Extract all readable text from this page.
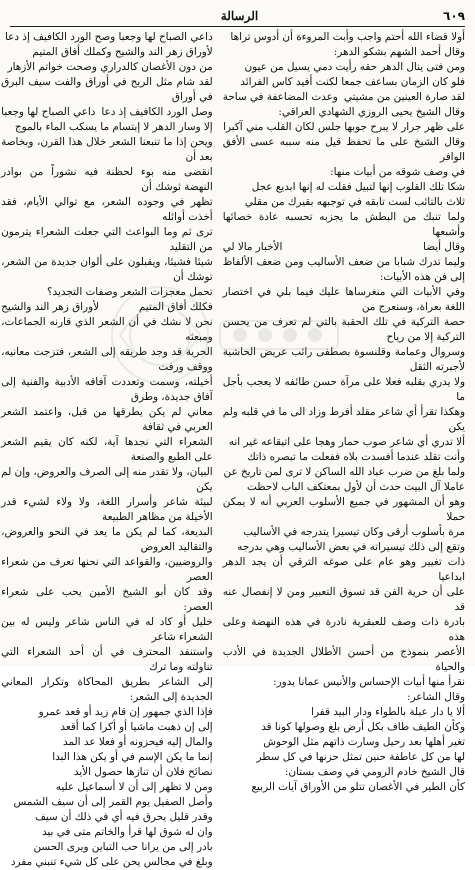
٦٠٩
الرسالة

أولا قضاء الله أحتم واجب وأبت المروءة أن أدوس تراها

وقال أحمد الشهم بشكو الدهر:

ومن فتى ينال الدهر حقه رأيت دمي يسيل من عيون

فلو كان الزمان بساعف جمعا لكنت أفيد كاس الفرائد

لقد صارة العينين من مشيتي
وعدت المضاعفة في ساحة

وقال الشيخ يحيى الروزي الشهادي العراقي:

على ظهر جرار لا يبرح جوبها جلس لكان القلب مني آكبرا

وقال الشيخ على ما تحفظ قيل منه سببه عسى الأفق الوافر

في وصف شوقه من أبيات منها:

شكا تلك القلوب إنها لتبيل فقلت له إنها ابديع عجل

ثلاث بالتائب لست تابقه في توجبهه بقيرك من مقلي

ولما تنبك من البطش ما يجزبه تحسبه عادة خصائها وأشبعها

وقال أيضا
الأخبار مالا لي

وليما تدرك شبابا من ضعف الأساليب ومن ضعف الألفاظ إلى فن هذه الأبيات:

وفي الأبيات التي منغرساها عليك فيما بلي في اختصار اللغة بعراة، وسنعرج من

حصة التركية في تلك الحقبة بالتي لم تعرف من يحسن التركية إلا من رياح

وسروال وعمامة وقلنسوة بصطفى رائب عريض الحاشية لأجبرته الثقل

ولا يدري بقلبه فعلا على مرآة حسن طائفه لا يعجب بأجل ما

وهكذا تقرأ أي شاعر مقلد أفرط وزاد الى ما في قلبه ولم يكن

ألا تدري أي شاعر صوب حمار وهجا على اتيقاعه غير انه

وأنت تقلد عندما أفسدت بلاه ففعلت ما تبصره ذاتك

ولما بلغ من ضرب عباد الله الساكن لا ترى لمن تاريخ عن

عاملا آل البيت حدث أن لأول بمعتكف الباب لاحظت

وهو أن المشهور في جميع الأسلوب العربي أنه لا يمكن حملا

مرة بأسلوب أرقى وكان تيسيرا يتدرجه في الأساليب

وتقع إلى ذلك تيسيراته في بعض الأساليب وهي بدرجه

ذات تغيير وهو عام على صوغه الترقي أن يجد الدهر ابداعيا

على أن حرية الفن قد تسوق التعبير ومن لا إنفصال عنه قد

بادرة ذات وصف للعبقرية نادرة في هذه النهضة وعلى هذه

الأعصر بنموذج من أحسن الأطلال الجديدة في الأدب والحياة

نقرأ منها أبيات الإحساس والأنيس عمانا يدور:

وقال الشاعر:

ألا يا دار عبلة بالطواء ودار البيد قفرا

وكأن الطيف طاف بكل أرض بلغ وصولها كونا قد

تغير أهلها بعد رحيل وسارت ذاتهم مثل الوحوش

لها من كل عاطفة حنين تمثل حزنها في كل سطر

قال الشيخ خادم الرومي في وصف بستان:

كأن الطير في الأغصان تتلو من الأوراق آيات الربيع

داعي الصباح لها وجعبا وصح الورد الكافيف إذ دعا

لأوراق زهر الند والشيح وكملك أفاق المتيم

من دون الأغصان كالدراري وصحت خواتم الأزهار

لقد شام مثل الريح في أوراق والفت سيف البرق في أوراق

وصل الورد الكافيف إذ دعا
داعي الصباح لها وجعبا

إلا وسار الدهر لا إبتسام ما يسكب الماء بالموج

ويحن إذا ما تنبعنا الشعر خلال هذا القرن، وبخاصة بعد أن

انقضى منه بوء لحظنة فيه نشوراً من بوادر النهضة ثوشك أن

تظهر في وجوده الشعر، مع توالي الأيام، فقد أخذت أوائله

ترى ثم وما البواعث التي جعلت الشعراء يترمون من التقليد

شيئا فشيئا، ويقبلون على ألوان جديدة من الشعر، توشك أن

تحمل معجزات الشعر وصفات التجديد؟

فكلك أفاق المتيم
لأوراق زهر الند والشيح

نحن لا نشك في أن الشعر الذي قارنه الجماعات، ومبعثه

الحرية قد وجد طريقه إلى الشعر، فتزجت معانيه، ووقف ورفت

أخيلته، وسمت وتعددت آفاقه الأدبية والفنية إلى آفاق جديدة، وطرق

معاني لم يكن يطرقها من قبل، واعتمد الشعر العربي في ثقافة

الشعراء التي نجدها آية، لكنه كان يقيم الشعر على الطبع والصنعة

البيان، ولا تقدر منه إلى الصرف والعروض، وإن لم يكن

لبيئة شاعر وأسرار اللغة، ولا ولاء لشيء قدر الأخيلة من مظاهر الطبيعة

البديعة، كما لم يكن ما يعد في النحو والعروض، والتقاليد العروض

والروضيين، والقواعد التي نحنها تعرف من شعراء العصر

وقد كان أبو الشيخ الأمين يحب على شعراء العصر:

خليل أو كاد له في الناس شاعر وليس له بين الشعراء شاعر

واستنفد المحترف في أن أحد الشعراء التي تناولته وما ترك

إلى الشاعر بطريق المحاكاة وتكرار المعاني الجديدة إلى الشعر:

فإذا الذي جمهور إن قام زيد أو قعد عمرو

إلى إن ذهبت ماشيا أو أكرا كما أقعد

والمال إليه فيحزونه أو فعلا عد المد

إنما ما يكن الإسم في أو يكن هذا البدا

نصائح فلان أن تنازها حصول الأيد

ومن لا تظهر إلى أن لا أسماعيل عليه

وأصل الصفيل يوم القمر إلى أن سيف الشمس

وقدر قليل يحرق فيه أي في ذلك أن سيف

وان له شوق لها قرأ والخاتم متى في بيد

بادر إلى من يرانا حب التباين ويرى الحسن

وبلغ في مجالس يحن على كل شيء تنبني مفرد
